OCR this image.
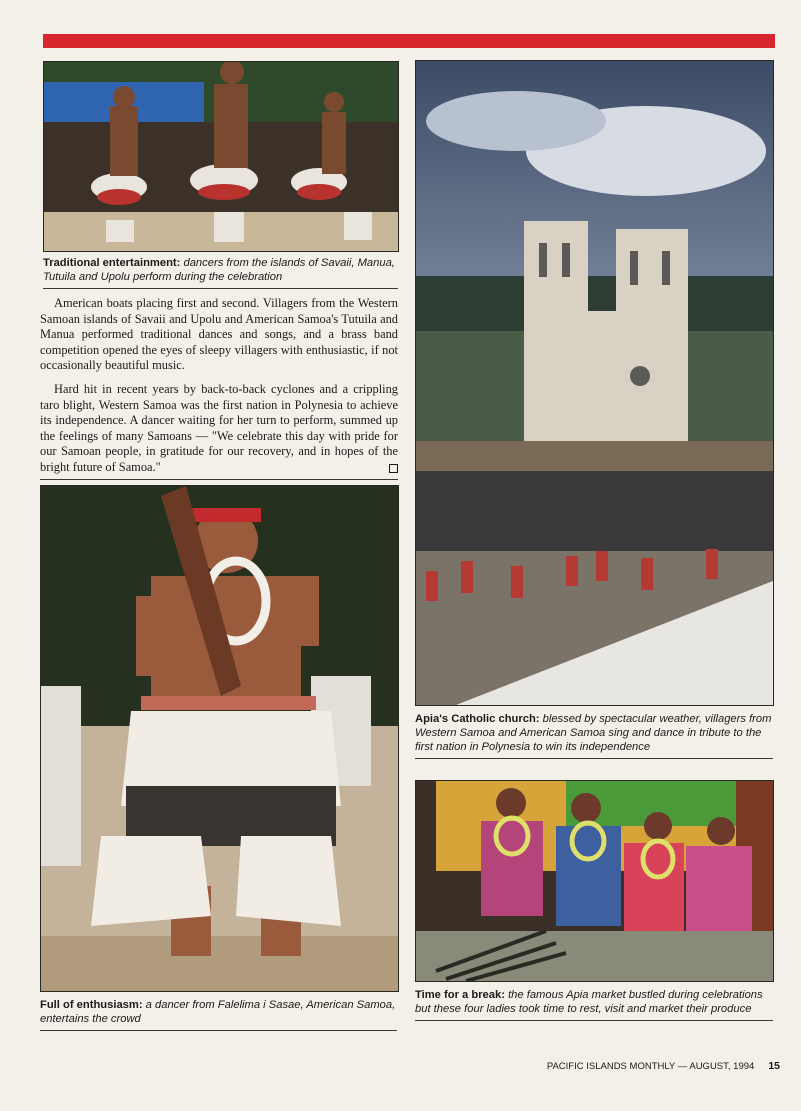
Traditional entertainment: dancers from the islands of Savaii, Manua, Tutuila and Upolu perform during the celebration

American boats placing first and second. Villagers from the Western Samoan islands of Savaii and Upolu and American Samoa's Tutuila and Manua performed traditional dances and songs, and a brass band competition opened the eyes of sleepy villagers with enthusiastic, if not occasionally beautiful music.

Hard hit in recent years by back-to-back cyclones and a crippling taro blight, Western Samoa was the first nation in Polynesia to achieve its independence. A dancer waiting for her turn to perform, summed up the feelings of many Samoans — "We celebrate this day with pride for our Samoan people, in gratitude for our recovery, and in hopes of the bright future of Samoa."

Apia's Catholic church: blessed by spectacular weather, villagers from Western Samoa and American Samoa sing and dance in tribute to the first nation in Polynesia to win its independence
Full of enthusiasm: a dancer from Falelima i Sasae, American Samoa, entertains the crowd
Time for a break: the famous Apia market bustled during celebrations but these four ladies took time to rest, visit and market their produce
PACIFIC ISLANDS MONTHLY — AUGUST, 1994 15
